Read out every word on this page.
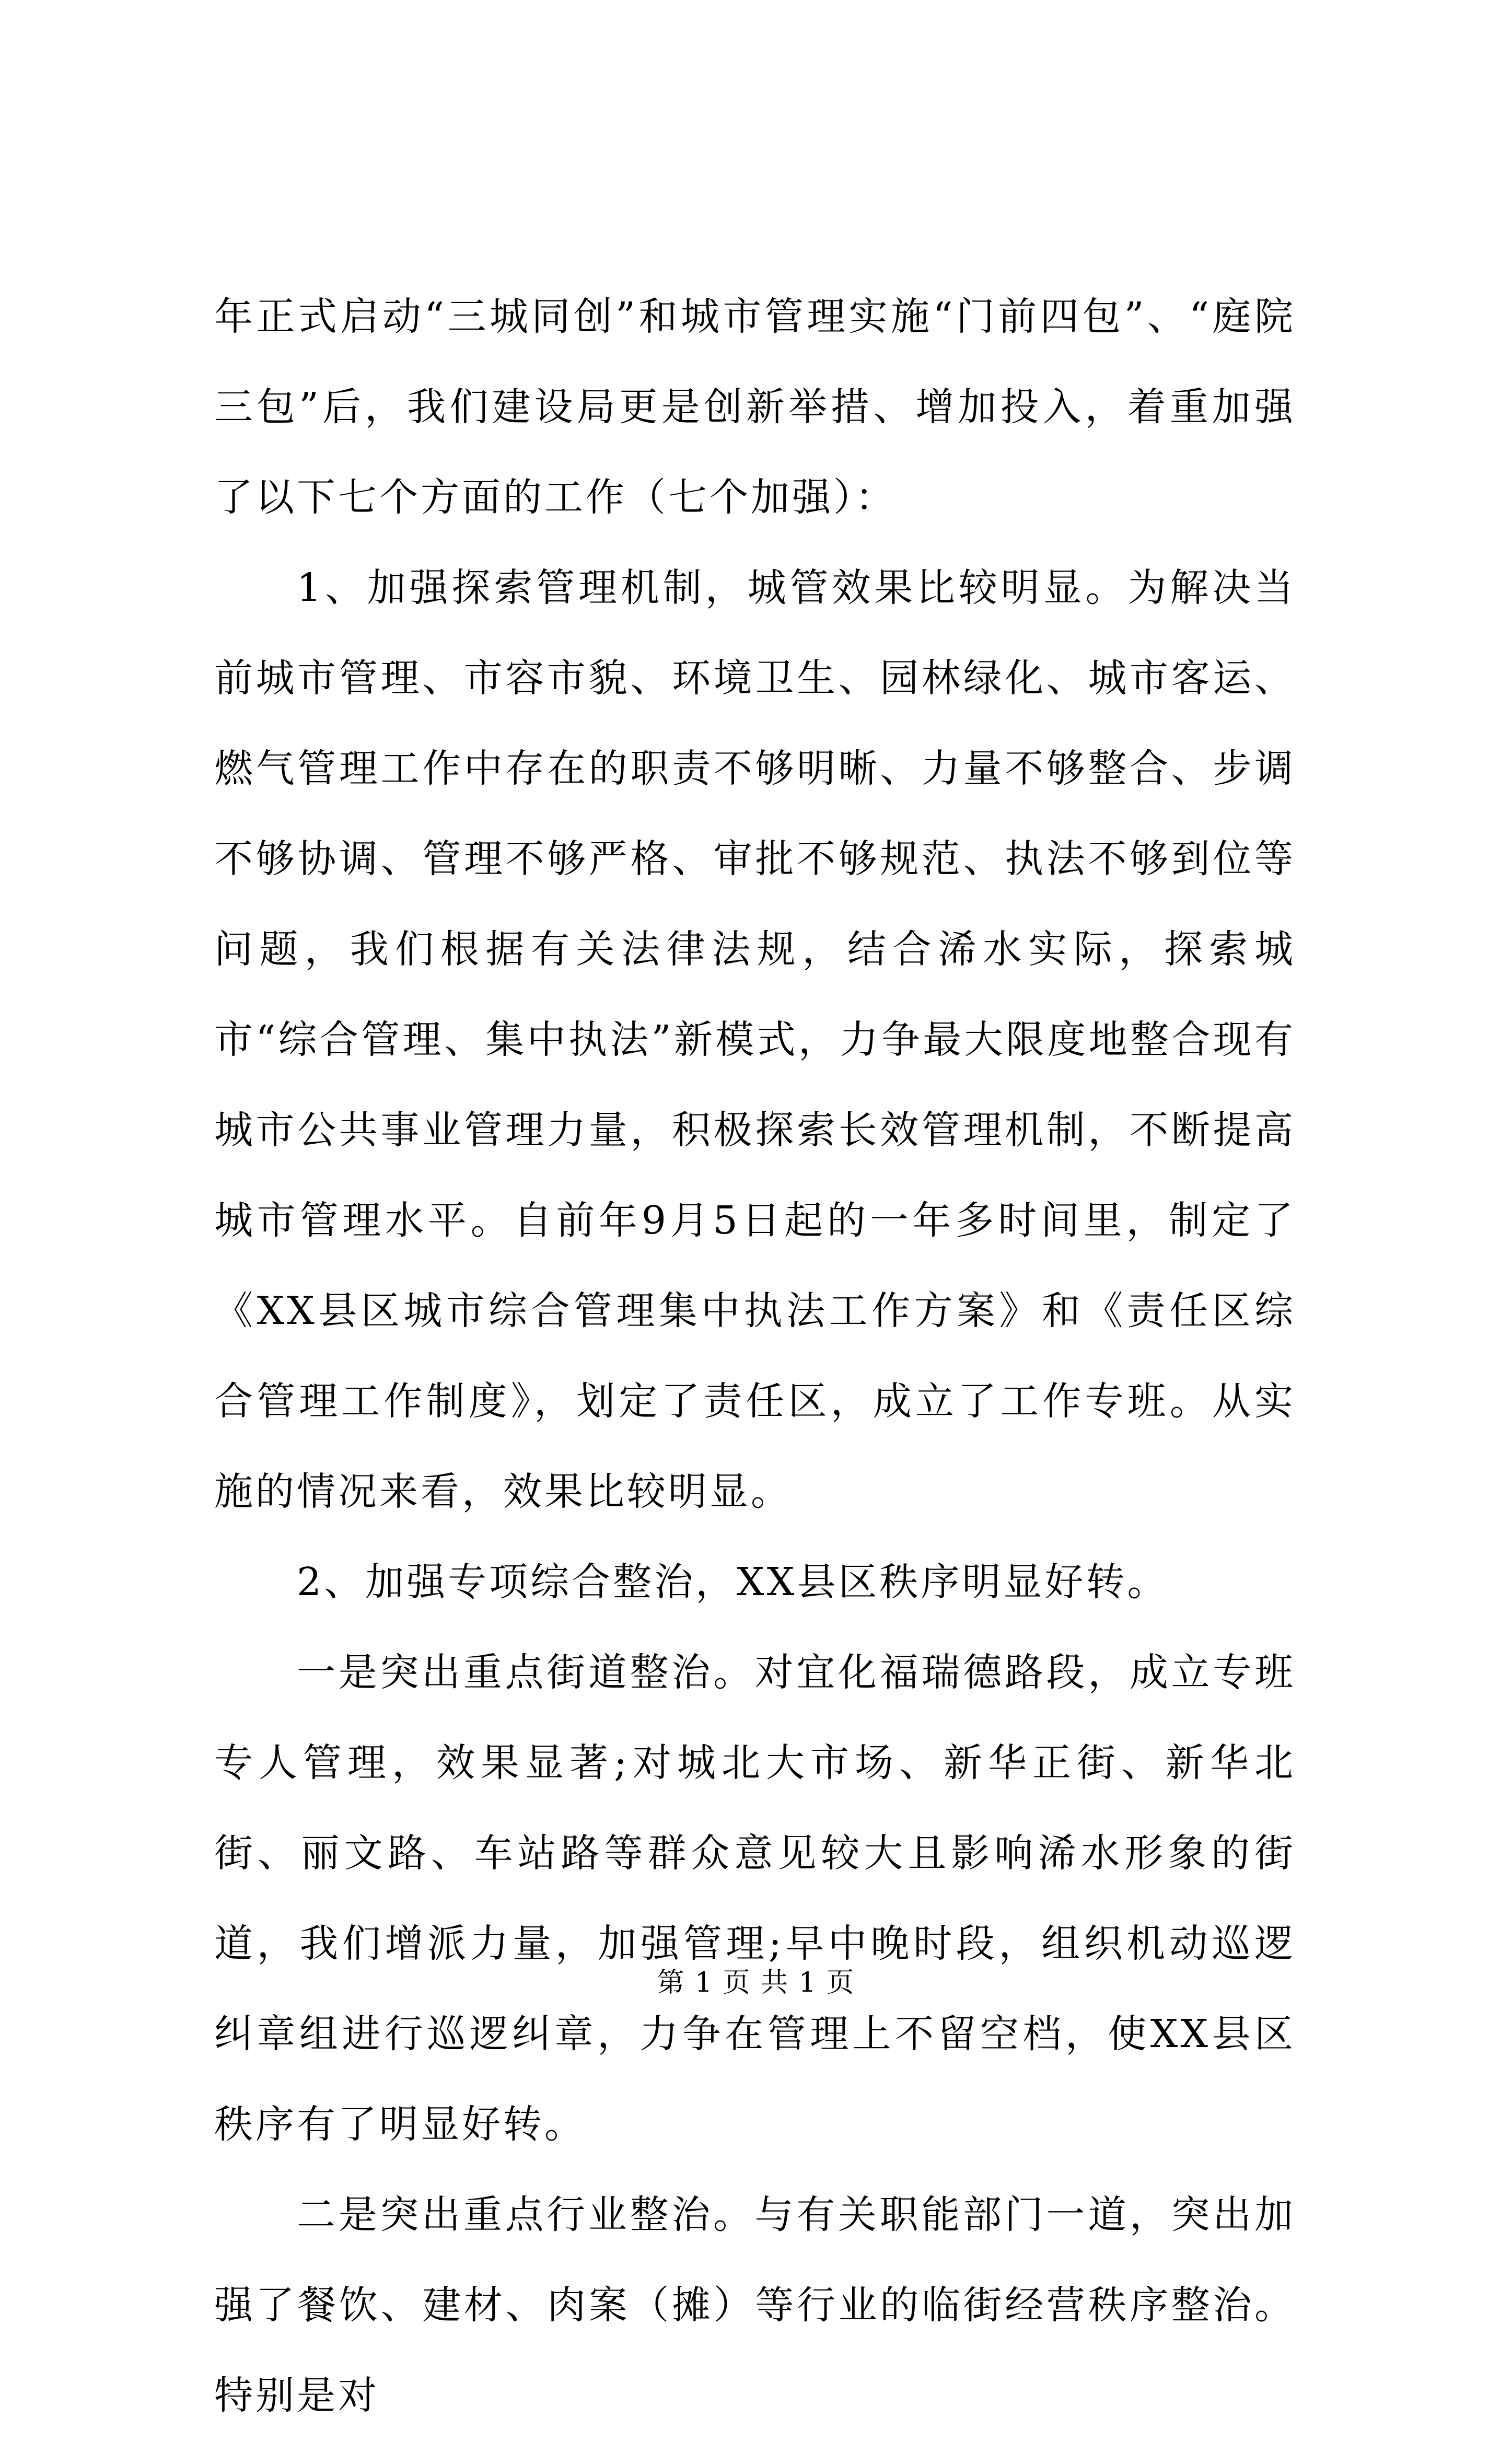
年正式启动“三城同创”和城市管理实施“门前四包”、“庭院三包”后，我们建设局更是创新举措、增加投入，着重加强了以下七个方面的工作（七个加强）：

1、加强探索管理机制，城管效果比较明显。为解决当前城市管理、市容市貌、环境卫生、园林绿化、城市客运、燃气管理工作中存在的职责不够明晰、力量不够整合、步调不够协调、管理不够严格、审批不够规范、执法不够到位等问题，我们根据有关法律法规，结合浠水实际，探索城市“综合管理、集中执法”新模式，力争最大限度地整合现有城市公共事业管理力量，积极探索长效管理机制，不断提高城市管理水平。自前年9月5日起的一年多时间里，制定了《XX县区城市综合管理集中执法工作方案》和《责任区综合管理工作制度》，划定了责任区，成立了工作专班。从实施的情况来看，效果比较明显。

2、加强专项综合整治，XX县区秩序明显好转。

一是突出重点街道整治。对宜化福瑞德路段，成立专班专人管理，效果显著;对城北大市场、新华正街、新华北街、丽文路、车站路等群众意见较大且影响浠水形象的街道，我们增派力量，加强管理;早中晚时段，组织机动巡逻纠章组进行巡逻纠章，力争在管理上不留空档，使XX县区秩序有了明显好转。

二是突出重点行业整治。与有关职能部门一道，突出加强了餐饮、建材、肉案（摊）等行业的临街经营秩序整治。特别是对

第 1 页 共 1 页
